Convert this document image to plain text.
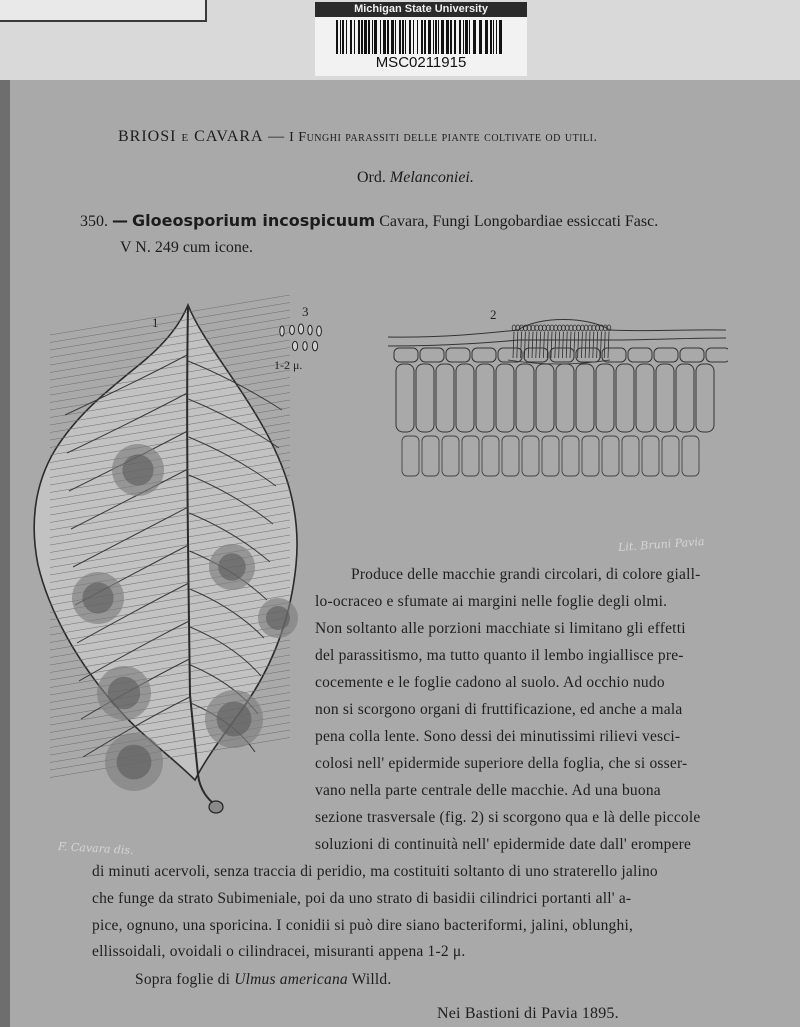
Michigan State University
MSC0211915
BRIOSI e CAVARA — I Funghi parassiti delle piante coltivate od utili.
Ord. Melanconiei.
350. — Gloeosporium incospicuum Cavara, Fungi Longobardiae essiccati Fasc.
V N. 249 cum icone.
1
3
1-2 μ.
2
Lit. Bruni Pavia
F. Cavara dis.
Produce delle macchie grandi circolari, di colore giall-
lo-ocraceo e sfumate ai margini nelle foglie degli olmi.
Non soltanto alle porzioni macchiate si limitano gli effetti
del parassitismo, ma tutto quanto il lembo ingiallisce pre-
cocemente e le foglie cadono al suolo. Ad occhio nudo
non si scorgono organi di fruttificazione, ed anche a mala
pena colla lente. Sono dessi dei minutissimi rilievi vesci-
colosi nell' epidermide superiore della foglia, che si osser-
vano nella parte centrale delle macchie. Ad una buona
sezione trasversale (fig. 2) si scorgono qua e là delle piccole
soluzioni di continuità nell' epidermide date dall' erompere
di minuti acervoli, senza traccia di peridio, ma costituiti soltanto di uno straterello jalino
che funge da strato Subimeniale, poi da uno strato di basidii cilindrici portanti all' a-
pice, ognuno, una sporicina. I conidii si può dire siano bacteriformi, jalini, oblunghi,
ellissoidali, ovoidali o cilindracei, misuranti appena 1-2 μ.
Sopra foglie di Ulmus americana Willd.
Nei Bastioni di Pavia 1895.
